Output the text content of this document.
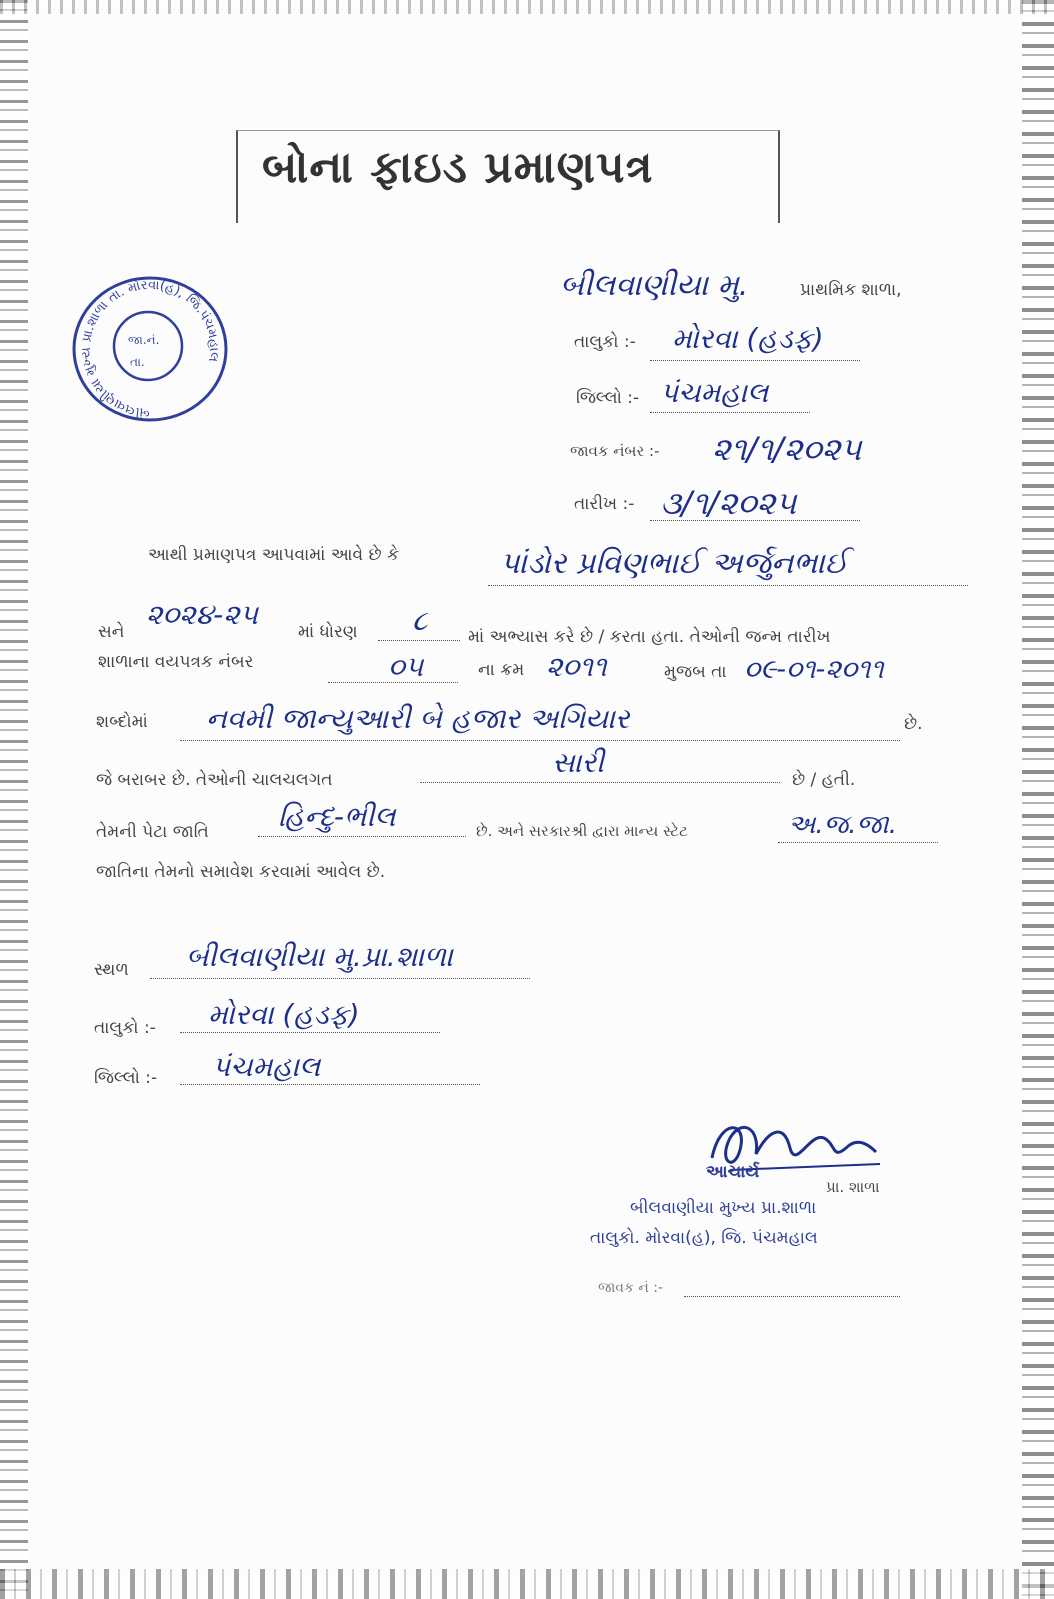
બોના ફાઇડ પ્રમાણપત્ર
બીલવાણીયા મુખ્ય પ્રા.શાળા તા. મોરવા(હ), જિ.પંચમહાલ
જા.નં.
તા.
બીલવાણીયા મુ.	પ્રાથમિક શાળા,
તાલુકો :- મોરવા (હડફ)
જિલ્લો :- પંચમહાલ
જાવક નંબર :- ૨૧/૧/૨૦૨૫
તારીખ :- ૩/૧/૨૦૨૫
આથી પ્રમાણપત્ર આપવામાં આવે છે કે	પાંડોર પ્રવિણભાઈ અર્જુનભાઈ
સને
૨૦૨૪-૨૫
માં ધોરણ ૮ માં અભ્યાસ કરે છે / કરતા હતા. તેઓની જન્મ તારીખ
શાળાના વયપત્રક નંબર	૦૫	ના ક્રમ ૨૦૧૧	મુજબ તા ૦૯-૦૧-૨૦૧૧
શબ્દોમાં નવમી જાન્યુઆરી બે હજાર અગિયાર	છે.
જે બરાબર છે. તેઓની ચાલચલગત
સારી
છે / હતી.
તેમની પેટા જાતિ હિન્દુ-ભીલ	છે. અને સરકારશ્રી દ્વારા માન્ય સ્ટેટ	અ.જ.જા.
જાતિના તેમનો સમાવેશ કરવામાં આવેલ છે.
સ્થળ બીલવાણીયા મુ.પ્રા.શાળા
તાલુકો :- મોરવા (હડફ)
જિલ્લો :- પંચમહાલ
આચાર્ય
પ્રા. શાળા
બીલવાણીયા મુખ્ય પ્રા.શાળા
તાલુકો. મોરવા(હ), જિ. પંચમહાલ
જાવક નં :-
